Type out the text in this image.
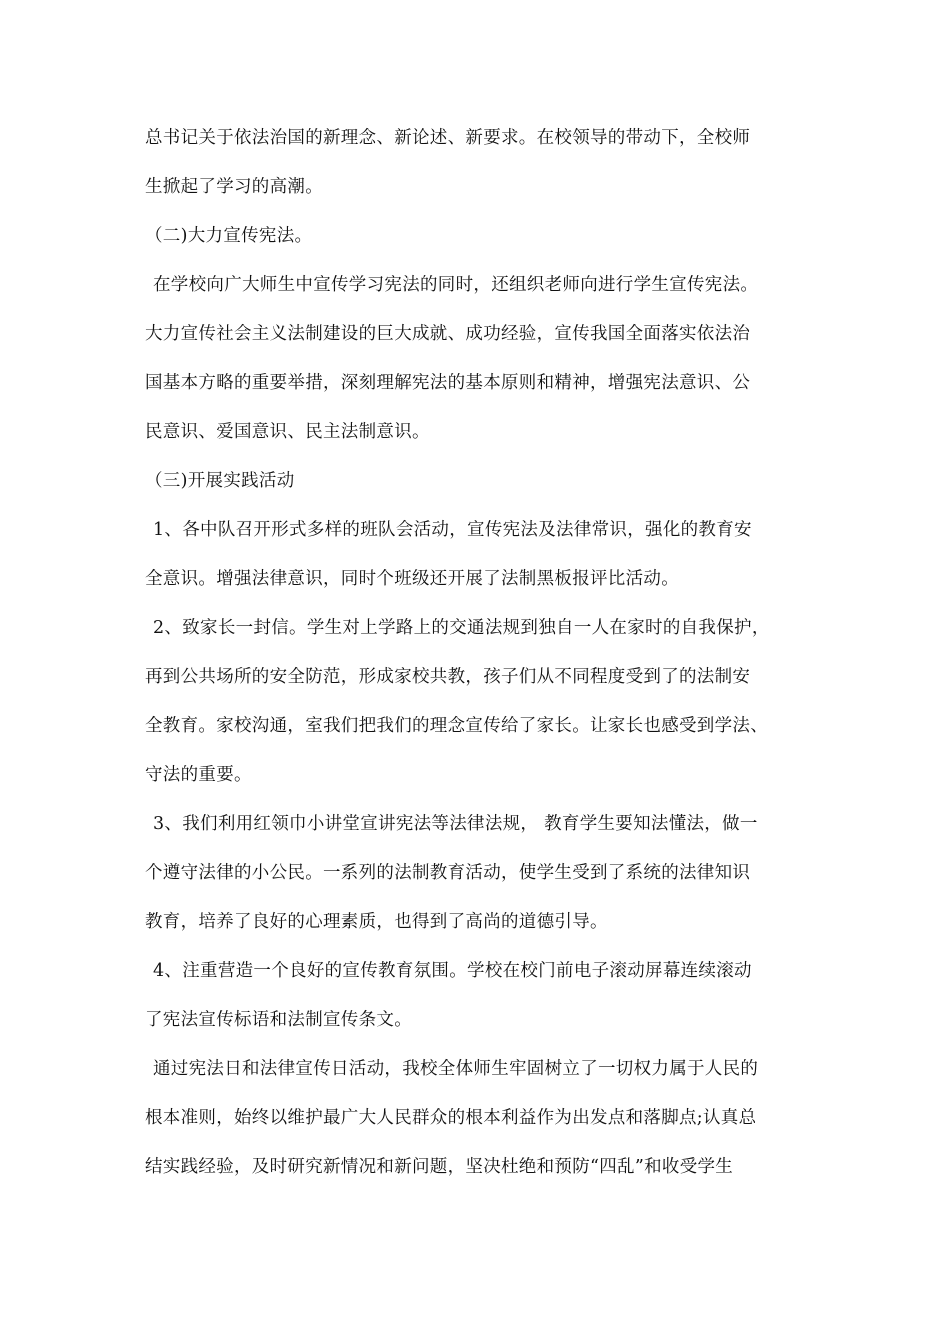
总书记关于依法治国的新理念、新论述、新要求。在校领导的带动下，全校师
生掀起了学习的高潮。
（二)大力宣传宪法。
在学校向广大师生中宣传学习宪法的同时，还组织老师向进行学生宣传宪法。
大力宣传社会主义法制建设的巨大成就、成功经验，宣传我国全面落实依法治
国基本方略的重要举措，深刻理解宪法的基本原则和精神，增强宪法意识、公
民意识、爱国意识、民主法制意识。
（三)开展实践活动
1、各中队召开形式多样的班队会活动，宣传宪法及法律常识，强化的教育安
全意识。增强法律意识，同时个班级还开展了法制黑板报评比活动。
2、致家长一封信。学生对上学路上的交通法规到独自一人在家时的自我保护，
再到公共场所的安全防范，形成家校共教，孩子们从不同程度受到了的法制安
全教育。家校沟通，室我们把我们的理念宣传给了家长。让家长也感受到学法、
守法的重要。
3、我们利用红领巾小讲堂宣讲宪法等法律法规， 教育学生要知法懂法，做一
个遵守法律的小公民。一系列的法制教育活动，使学生受到了系统的法律知识
教育，培养了良好的心理素质，也得到了高尚的道德引导。
4、注重营造一个良好的宣传教育氛围。学校在校门前电子滚动屏幕连续滚动
了宪法宣传标语和法制宣传条文。
通过宪法日和法律宣传日活动，我校全体师生牢固树立了一切权力属于人民的
根本准则，始终以维护最广大人民群众的根本利益作为出发点和落脚点;认真总
结实践经验，及时研究新情况和新问题，坚决杜绝和预防“四乱”和收受学生
